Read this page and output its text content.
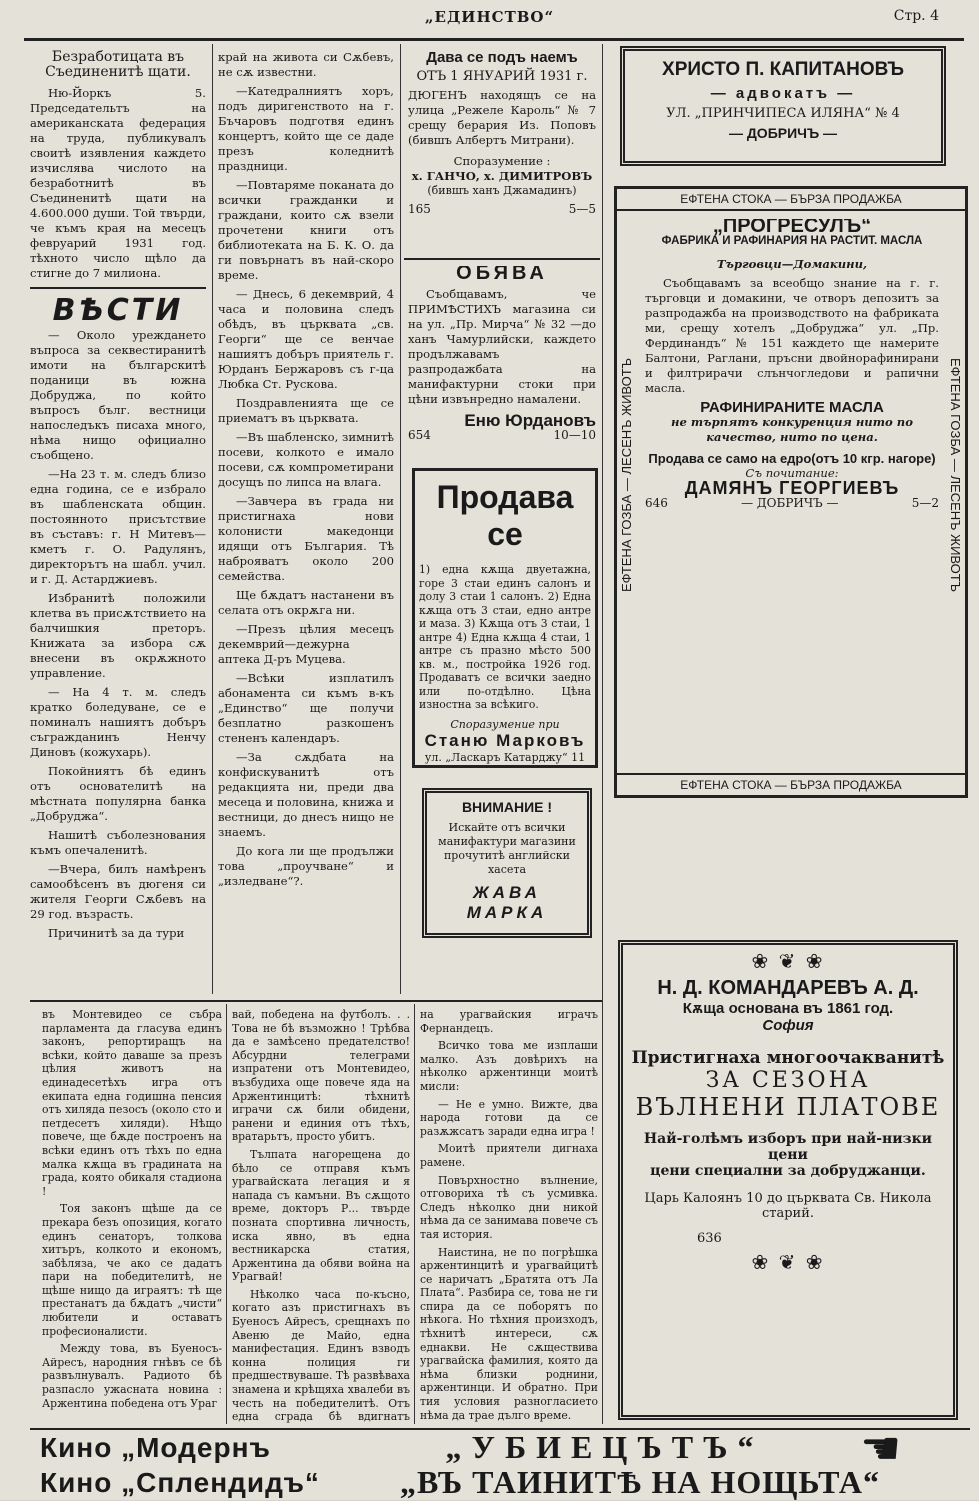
„ЕДИНСТВО“	Стр. 4
Безработицата въ Съединенитѣ щати.

Ню-Йоркъ 5. Председательтъ на американската федерация на труда, публикувалъ своитѣ изявления каждето изчислява числото на безработнитѣ въ Съединенитѣ щати на 4.600.000 души. Той твърди, че къмъ края на месецъ февруарий 1931 год. тѣхното число щѣло да стигне до 7 милиона.

ВѢСТИ

— Около уреждането въпроса за секвестиранитѣ имоти на българскитѣ поданици въ южна Добруджа, по който въпросъ бълг. вестници напоследъкъ писаха много, нѣма нищо официално съобщено.

—На 23 т. м. следъ близо една година, се е избрало въ шабленската общин. постоянното присътствие въ съставъ: г. Н Митевъ—кметъ г. О. Радулянъ, директорътъ на шабл. учил. и г. Д. Астарджиевъ.

Избранитѣ положили клетва въ присѫтствието на балчишкия преторъ. Книжата за изборa сѫ внесени въ окрѫжното управление.

— На 4 т. м. следъ кратко боледуване, се е поминалъ нашиятъ добъръ съгражданинъ Ненчу Диновъ (кожухарь).

Покойниятъ бѣ единъ отъ основателитѣ на мѣстната популярна банка „Добруджа“.

Нашитѣ съболезнования къмъ опечаленитѣ.

—Вчера, билъ намѣренъ самообѣсенъ въ дюгеня си жителя Георги Сѫбевъ на 29 год. възрасть.

Причинитѣ за да тури

край на живота си Сѫбевъ, не сѫ известни.

—Катедралниятъ хоръ, подъ диригенството на г. Бъчаровъ подготвя единъ концертъ, който ще се даде презъ коледнитѣ праздници.

—Повтаряме поканата до всички гражданки и граждани, които сѫ взели прочетени книги отъ библиотеката на Б. К. О. да ги повърнатъ въ най-скоро време.

— Днесь, 6 декемврий, 4 часа и половина следъ обѣдъ, въ църквата „св. Георги“ ще се венчае нашиятъ добъръ приятель г. Юрданъ Бержаровъ съ г-ца Любка Ст. Рускова.

Поздравленията ще се приематъ въ църквата.

—Въ шабленско, зимнитѣ посеви, колкото е имало посеви, сѫ компрометирани досущъ по липса на влага.

—Завчера въ града ни пристигнаха нови колонисти македонци идящи отъ България. Тѣ наброяватъ около 200 семейства.

Щe бѫдатъ настанени въ селата отъ окрѫга ни.

—Презъ цѣлия месецъ декемврий—дежурна аптека Д-ръ Муцева.

—Всѣки изплатилъ абонамента си къмъ в-къ „Единство“ ще получи безплатно разкошенъ стененъ календаръ.

—За сѫдбата на конфискуванитѣ отъ редакцията ни, преди два месеца и половина, книжа и вестници, до днесъ нищо не знаемъ.

До кога ли ще продължи това „проучване“ и „изледване“?.

Дава се подъ наемъ
ОТЪ 1 ЯНУАРИЙ 1931 г.

ДЮГЕНЪ находящъ се на улица „Режеле Кароль“ № 7 срещу берария Из. Поповъ (бившъ Албертъ Митрани).

Споразумение :
х. ГАНЧО, х. ДИМИТРОВЪ
(бившъ ханъ Джамадинъ)
165	5—5
ОБЯВА

Съобщавамъ, че ПРИМѢСТИХЪ магазина си на ул. „Пр. Мирча“ № 32 —до ханъ Чамурлийски, каждето продължавамъ разпродажбата на манифактурни стоки при цѣни извънредно намалени.

Еню Юрдановъ
654	10—10
Продава се
1) една кѫща двуетажна, горе 3 стаи единъ салонъ и долу 3 стаи 1 салонъ. 2) Една кѫща отъ 3 стаи, едно антре и маза. 3) Кѫща отъ 3 стаи, 1 антре 4) Една кѫща 4 стаи, 1 антре съ празно мѣсто 500 кв. м., постройка 1926 год. Продаватъ се всички заедно или по-отдѣлно. Цѣна изностна за всѣкиго.
Споразумение при
Станю Марковъ
ул. „Ласкаръ Катарджу“ 11
ВНИМАНИЕ !
Искайте отъ всички манифактури магазини прочутитѣ английски хасета
ЖАВА
МАРКА
ХРИСТО П. КАПИТАНОВЪ
— адвокатъ —
УЛ. „ПРИНЧИПЕСА ИЛЯНА“ № 4
— ДОБРИЧЪ —
ЕФТЕНА СТОКА — БЪРЗА ПРОДАЖБА
ЕФТЕНА ГОЗБА — ЛЕСЕНЪ ЖИВОТЪ	ЕФТЕНА ГОЗБА — ЛЕСЕНЪ ЖИВОТЪ
„ПРОГРЕСУЛЪ“
ФАБРИКА И РАФИНАРИЯ НА РАСТИТ. МАСЛА
Търговци—Домакини,

Съобщавамъ за всеобщо знание на г. г. търговци и домакини, че отворъ депозитъ за разпродажба на производството на фабриката ми, срещу хотелъ „Добруджа“ ул. „Пр. Фердинандъ“ № 151 каждето ще намерите Балтони, Раглани, пръсни двойнорафинирани и филтрирачи слънчогледови и рапични масла.

РАФИНИРАНИТЕ МАСЛА
не търпятъ конкуренция нито по качество, нито по цена.
Продава се само на едро(отъ 10 кгр. нагоре)
Съ почитание:
ДАМЯНЪ ГЕОРГИЕВЪ
646	— ДОБРИЧЪ —	5—2
ЕФТЕНА СТОКА — БЪРЗА ПРОДАЖБА
❀ ❦ ❀
Н. Д. КОМАНДАРЕВЪ А. Д.
Кѫща основана въ 1861 год.
София
Пристигнаха многоочакванитѣ
ЗА СЕЗОНА
ВЪЛНЕНИ ПЛАТОВЕ
Най-голѣмъ изборъ при най-низки цени
цени специални за добруджанци.
Царь Калоянъ 10 до църквата Св. Никола старий.
636
❀ ❦ ❀

въ Монтевидео се събра парламента да гласува единъ законъ, репортиращъ на всѣки, който даваше за презъ цѣлия животъ на единадесетѣхъ игра отъ екипата една годишна пенсия отъ хиляда пезосъ (около сто и петдесетъ хиляди). Нѣщо повече, ще бѫде построенъ на всѣки единъ отъ тѣхъ по една малка кѫща въ градината на града, която обикаля стадиона !

Тоя законъ щѣше да се прекара безъ опозиция, когато единъ сенаторъ, толкова хитъръ, колкото и економъ, забѣляза, че ако се дадатъ пари на победителитѣ, не щѣше нищо да играятъ: тѣ ще престанатъ да бѫдатъ „чисти“ любители и оставатъ професионалисти.

Между това, въ Буеносъ-Айресъ, народния гнѣвъ се бѣ развълнувалъ. Радиото бѣ разпасло ужасната новина : Аржентина победена отъ Ураг

вай, победена на футболъ. . . Това не бѣ възможно ! Трѣбва да е замѣсено предателство! Абсурдни телеграми изпратени отъ Монтевидео, възбудиха още повече яда на Аржентинцитѣ: тѣхнитѣ играчи сѫ били обидени, ранени и единия отъ тѣхъ, вратарьтъ, просто убитъ.

Тълпата нагорещена до бѣло се отправя къмъ урагвайската легация и я напада съ камъни. Въ сѫщото време, докторъ Р... твърде позната спортивна личность, иска явно, въ една вестникарска статия, Аржентина да обяви война на Урагвай!

Нѣколко часа по-късно, когато азъ пристигнахъ въ Буеносъ Айресъ, срещнахъ по Авеню де Майо, една манифестация. Единъ взводъ конна полиция ги предшествуваше. Тѣ развѣваха знамена и крѣщяха хвалеби въ честь на победителитѣ. Отъ една сграда бѣ вдигнатъ

на урагвайския играчъ Фернандецъ.

Всичко това ме изплаши малко. Азъ довѣрихъ на нѣколко аржентинци моитѣ мисли:

— Не е умно. Вижте, два народа готови да се разѫжсатъ заради една игра !

Моитѣ приятели дигнаха рамене.

Повърхностно вълнение, отговориха тѣ съ усмивка. Следъ нѣколко дни никой нѣма да се занимава повече съ тая история.

Наистина, не по погрѣшка аржентинцитѣ и урагвайцитѣ се наричатъ „Братята отъ Ла Плата“. Разбира се, това не ги спира да се поборятъ по нѣкога. Но тѣхния произходъ, тѣхнитѣ интереси, сѫ еднакви. Не сѫществива урагвайска фамилия, която да нѣма близки роднини, аржентинци. И обратно. При тия условия разногласието нѣма да трае дълго време.

Кино „Модернъ	„ У Б И Е Ц Ъ Т Ъ “	☚
Кино „Сплендидъ“	„ВЪ ТАИНИТѢ НА НОЩЬТА“
